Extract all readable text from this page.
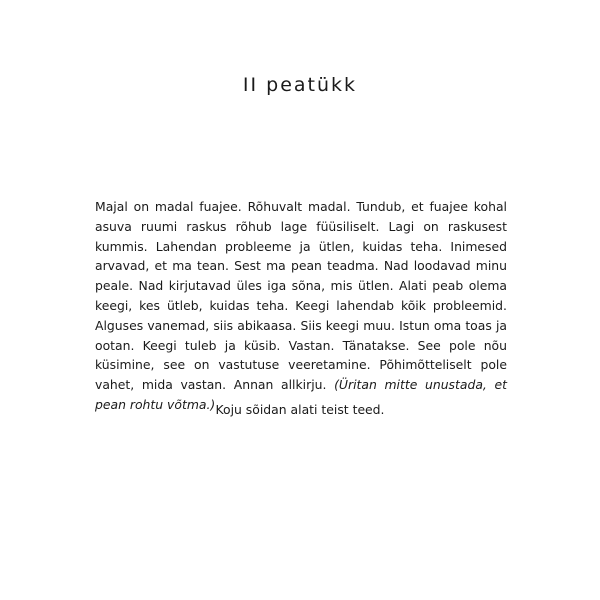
II peatükk

Majal on madal fuajee. Rõhuvalt madal. Tundub, et fuajee kohal asuva ruumi raskus rõhub lage füüsiliselt. Lagi on raskusest kummis. Lahendan probleeme ja ütlen, kuidas teha. Inimesed arvavad, et ma tean. Sest ma pean teadma. Nad loodavad minu peale. Nad kirjutavad üles iga sõna, mis ütlen. Alati peab olema keegi, kes ütleb, kuidas teha. Keegi lahendab kõik probleemid. Alguses vanemad, siis abikaasa. Siis keegi muu. Istun oma toas ja ootan. Keegi tuleb ja küsib. Vastan. Tänatakse. See pole nõu küsimine, see on vastutuse veeretamine. Põhimõtteliselt pole vahet, mida vastan. Annan allkirju. (Üritan mitte unustada, et pean rohtu võtma.) Koju sõidan alati teist teed.
